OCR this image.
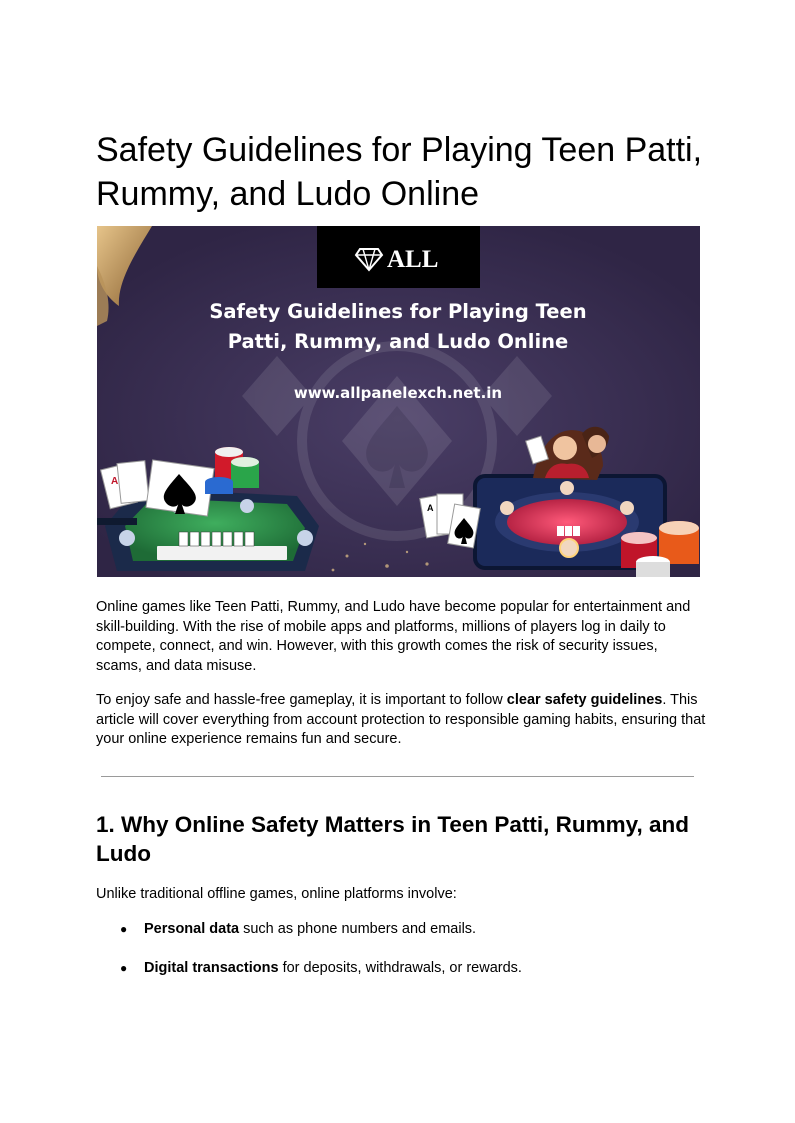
Safety Guidelines for Playing Teen Patti, Rummy, and Ludo Online
ALL
Safety Guidelines for Playing Teen
Patti, Rummy, and Ludo Online
www.allpanelexch.net.in
A
A

Online games like Teen Patti, Rummy, and Ludo have become popular for entertainment and skill-building. With the rise of mobile apps and platforms, millions of players log in daily to compete, connect, and win. However, with this growth comes the risk of security issues, scams, and data misuse.

To enjoy safe and hassle-free gameplay, it is important to follow clear safety guidelines. This article will cover everything from account protection to responsible gaming habits, ensuring that your online experience remains fun and secure.

1. Why Online Safety Matters in Teen Patti, Rummy, and Ludo

Unlike traditional offline games, online platforms involve:

● Personal data such as phone numbers and emails.
● Digital transactions for deposits, withdrawals, or rewards.
